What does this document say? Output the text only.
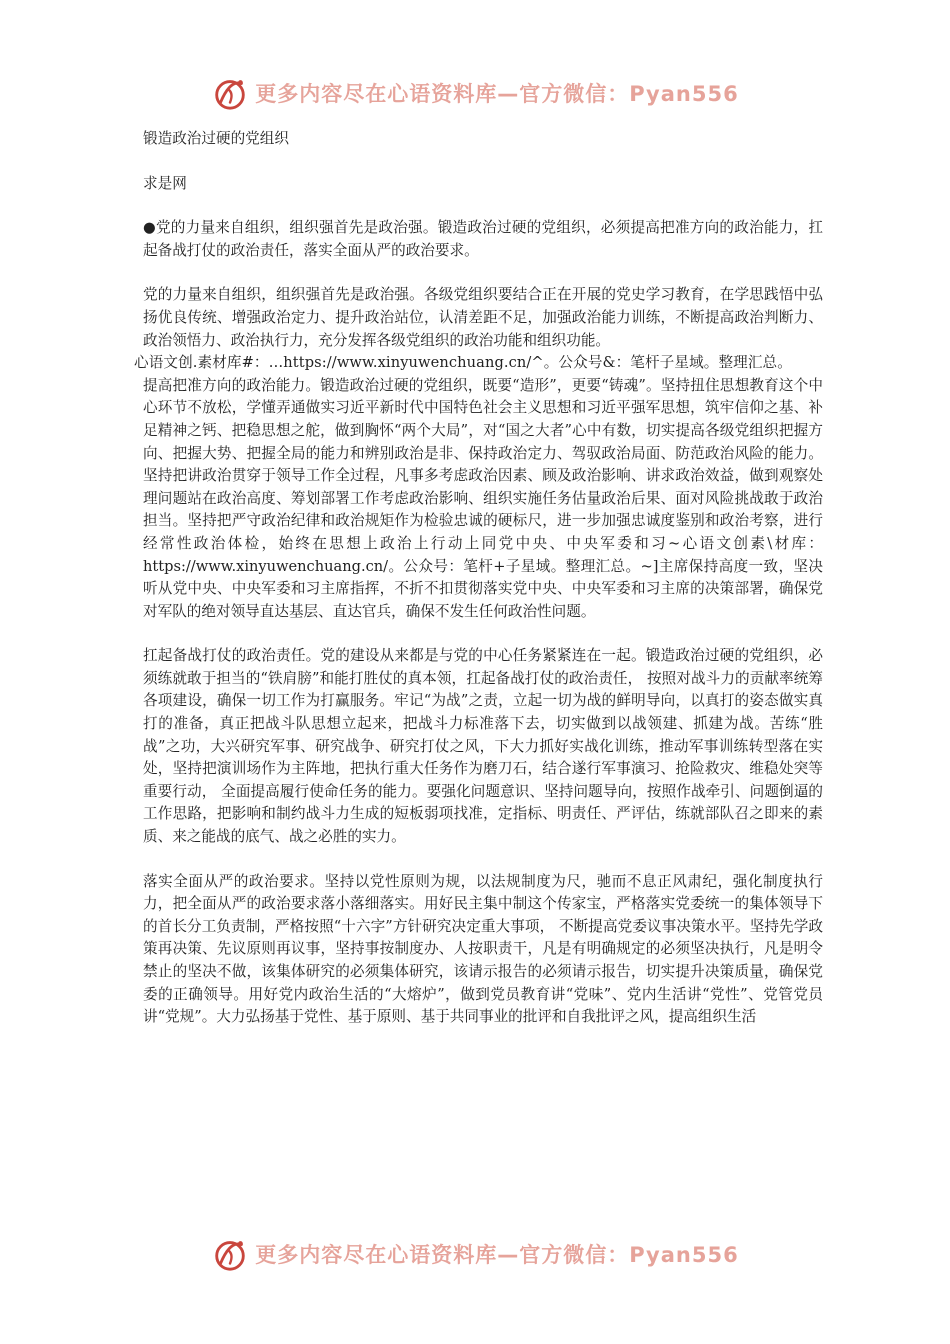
更多内容尽在心语资料库—官方微信：Pyan556

锻造政治过硬的党组织

求是网

●党的力量来自组织，组织强首先是政治强。锻造政治过硬的党组织，必须提高把准方向的政治能力，扛起备战打仗的政治责任，落实全面从严的政治要求。

党的力量来自组织，组织强首先是政治强。各级党组织要结合正在开展的党史学习教育，在学思践悟中弘扬优良传统、增强政治定力、提升政治站位，认清差距不足，加强政治能力训练，不断提高政治判断力、政治领悟力、政治执行力，充分发挥各级党组织的政治功能和组织功能。
心语文创.素材库#：…https://www.xinyuwenchuang.cn/^。公众号&：笔杆子星域。整理汇总。
提高把准方向的政治能力。锻造政治过硬的党组织，既要“造形”，更要“铸魂”。坚持扭住思想教育这个中心环节不放松，学懂弄通做实习近平新时代中国特色社会主义思想和习近平强军思想，筑牢信仰之基、补足精神之钙、把稳思想之舵，做到胸怀“两个大局”，对“国之大者”心中有数，切实提高各级党组织把握方向、把握大势、把握全局的能力和辨别政治是非、保持政治定力、驾驭政治局面、防范政治风险的能力。坚持把讲政治贯穿于领导工作全过程，凡事多考虑政治因素、顾及政治影响、讲求政治效益，做到观察处理问题站在政治高度、筹划部署工作考虑政治影响、组织实施任务估量政治后果、面对风险挑战敢于政治担当。坚持把严守政治纪律和政治规矩作为检验忠诚的硬标尺，进一步加强忠诚度鉴别和政治考察，进行经常性政治体检，始终在思想上政治上行动上同党中央、中央军委和习~心语文创素\材库：https://www.xinyuwenchuang.cn/。公众号：笔杆+子星域。整理汇总。~]主席保持高度一致，坚决听从党中央、中央军委和习主席指挥，不折不扣贯彻落实党中央、中央军委和习主席的决策部署，确保党对军队的绝对领导直达基层、直达官兵，确保不发生任何政治性问题。

扛起备战打仗的政治责任。党的建设从来都是与党的中心任务紧紧连在一起。锻造政治过硬的党组织，必须练就敢于担当的“铁肩膀”和能打胜仗的真本领，扛起备战打仗的政治责任， 按照对战斗力的贡献率统筹各项建设，确保一切工作为打赢服务。牢记“为战”之责，立起一切为战的鲜明导向，以真打的姿态做实真打的准备，真正把战斗队思想立起来，把战斗力标准落下去，切实做到以战领建、抓建为战。苦练“胜战”之功，大兴研究军事、研究战争、研究打仗之风，下大力抓好实战化训练，推动军事训练转型落在实处，坚持把演训场作为主阵地，把执行重大任务作为磨刀石，结合遂行军事演习、抢险救灾、维稳处突等重要行动， 全面提高履行使命任务的能力。要强化问题意识、坚持问题导向，按照作战牵引、问题倒逼的工作思路，把影响和制约战斗力生成的短板弱项找准，定指标、明责任、严评估，练就部队召之即来的素质、来之能战的底气、战之必胜的实力。

落实全面从严的政治要求。坚持以党性原则为规，以法规制度为尺，驰而不息正风肃纪，强化制度执行力，把全面从严的政治要求落小落细落实。用好民主集中制这个传家宝，严格落实党委统一的集体领导下的首长分工负责制，严格按照“十六字”方针研究决定重大事项， 不断提高党委议事决策水平。坚持先学政策再决策、先议原则再议事，坚持事按制度办、人按职责干，凡是有明确规定的必须坚决执行，凡是明令禁止的坚决不做，该集体研究的必须集体研究，该请示报告的必须请示报告，切实提升决策质量，确保党委的正确领导。用好党内政治生活的“大熔炉”，做到党员教育讲“党味”、党内生活讲“党性”、党管党员讲“党规”。大力弘扬基于党性、基于原则、基于共同事业的批评和自我批评之风，提高组织生活

更多内容尽在心语资料库—官方微信：Pyan556
